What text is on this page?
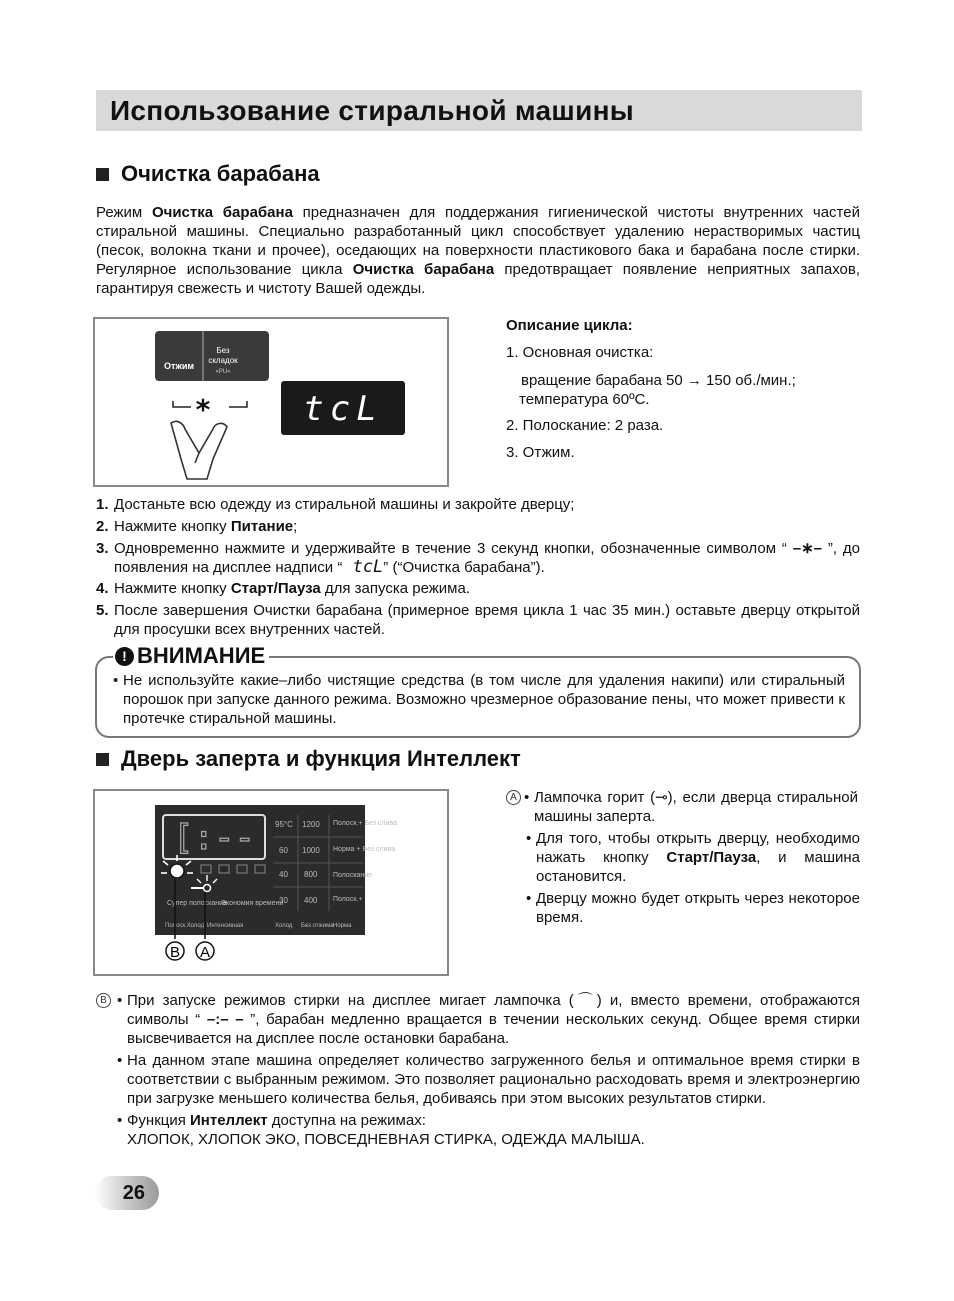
Использование стиральной машины
Очистка барабана
Режим Очистка барабана предназначен для поддержания гигиенической чистоты внутренних частей стиральной машины. Специально разработанный цикл способствует удалению нерастворимых частиц (песок, волокна ткани и прочее), оседающих на поверхности пластикового бака и барабана после стирки. Регулярное использование цикла Очистка барабана предотвращает появление неприятных запахов, гарантируя свежесть и чистоту Вашей одежды.
Отжим
Без
складок
«PU»
*	tcL
Описание цикла:
1. Основная очистка:
вращение барабана 50 → 150 об./мин.;
температура 60ºC.
2. Полоскание: 2 раза.
3. Отжим.
1. Достаньте всю одежду из стиральной машины и закройте дверцу;
2. Нажмите кнопку Питание;
3. Одновременно нажмите и удерживайте в течение 3 секунд кнопки, обозначенные символом “ –∗– ”, до появления на дисплее надписи “ tcL” (“Очистка барабана”).
4. Нажмите кнопку Старт/Пауза для запуска режима.
5. После завершения Очистки барабана (примерное время цикла 1 час 35 мин.) оставьте дверцу открытой для просушки всех внутренних частей.
! ВНИМАНИЕ
• Не используйте какие–либо чистящие средства (в том числе для удаления накипи) или стиральный порошок при запуске данного режима. Возможно чрезмерное образование пены, что может привести к протечке стиральной машины.
Дверь заперта и функция Интеллект
[:--	95°C
60
40
30
1200
1000
800
400
Полоск.+ Без слива
Норма + Без слива
Полоскание
Полоск.+
Супер полоскание
Экономия времени
Полоск.Холод Интенсивная	Холод Без отжима Норма
B A
A • Лампочка горит (⊸), если дверца стиральной машины заперта.
• Для того, чтобы открыть дверцу, необходимо нажать кнопку Старт/Пауза, и машина остановится.
• Дверцу можно будет открыть через некоторое время.
B • При запуске режимов стирки на дисплее мигает лампочка (⌒) и, вместо времени, отображаются символы “ –:– – ”, барабан медленно вращается в течении нескольких секунд. Общее время стирки высвечивается на дисплее после остановки барабана.
• На данном этапе машина определяет количество загруженного белья и оптимальное время стирки в соответствии с выбранным режимом. Это позволяет рационально расходовать время и электроэнергию при загрузке меньшего количества белья, добиваясь при этом высоких результатов стирки.
• Функция Интеллект доступна на режимах:
ХЛОПОК, ХЛОПОК ЭКО, ПОВСЕДНЕВНАЯ СТИРКА, ОДЕЖДА МАЛЫША.
26
